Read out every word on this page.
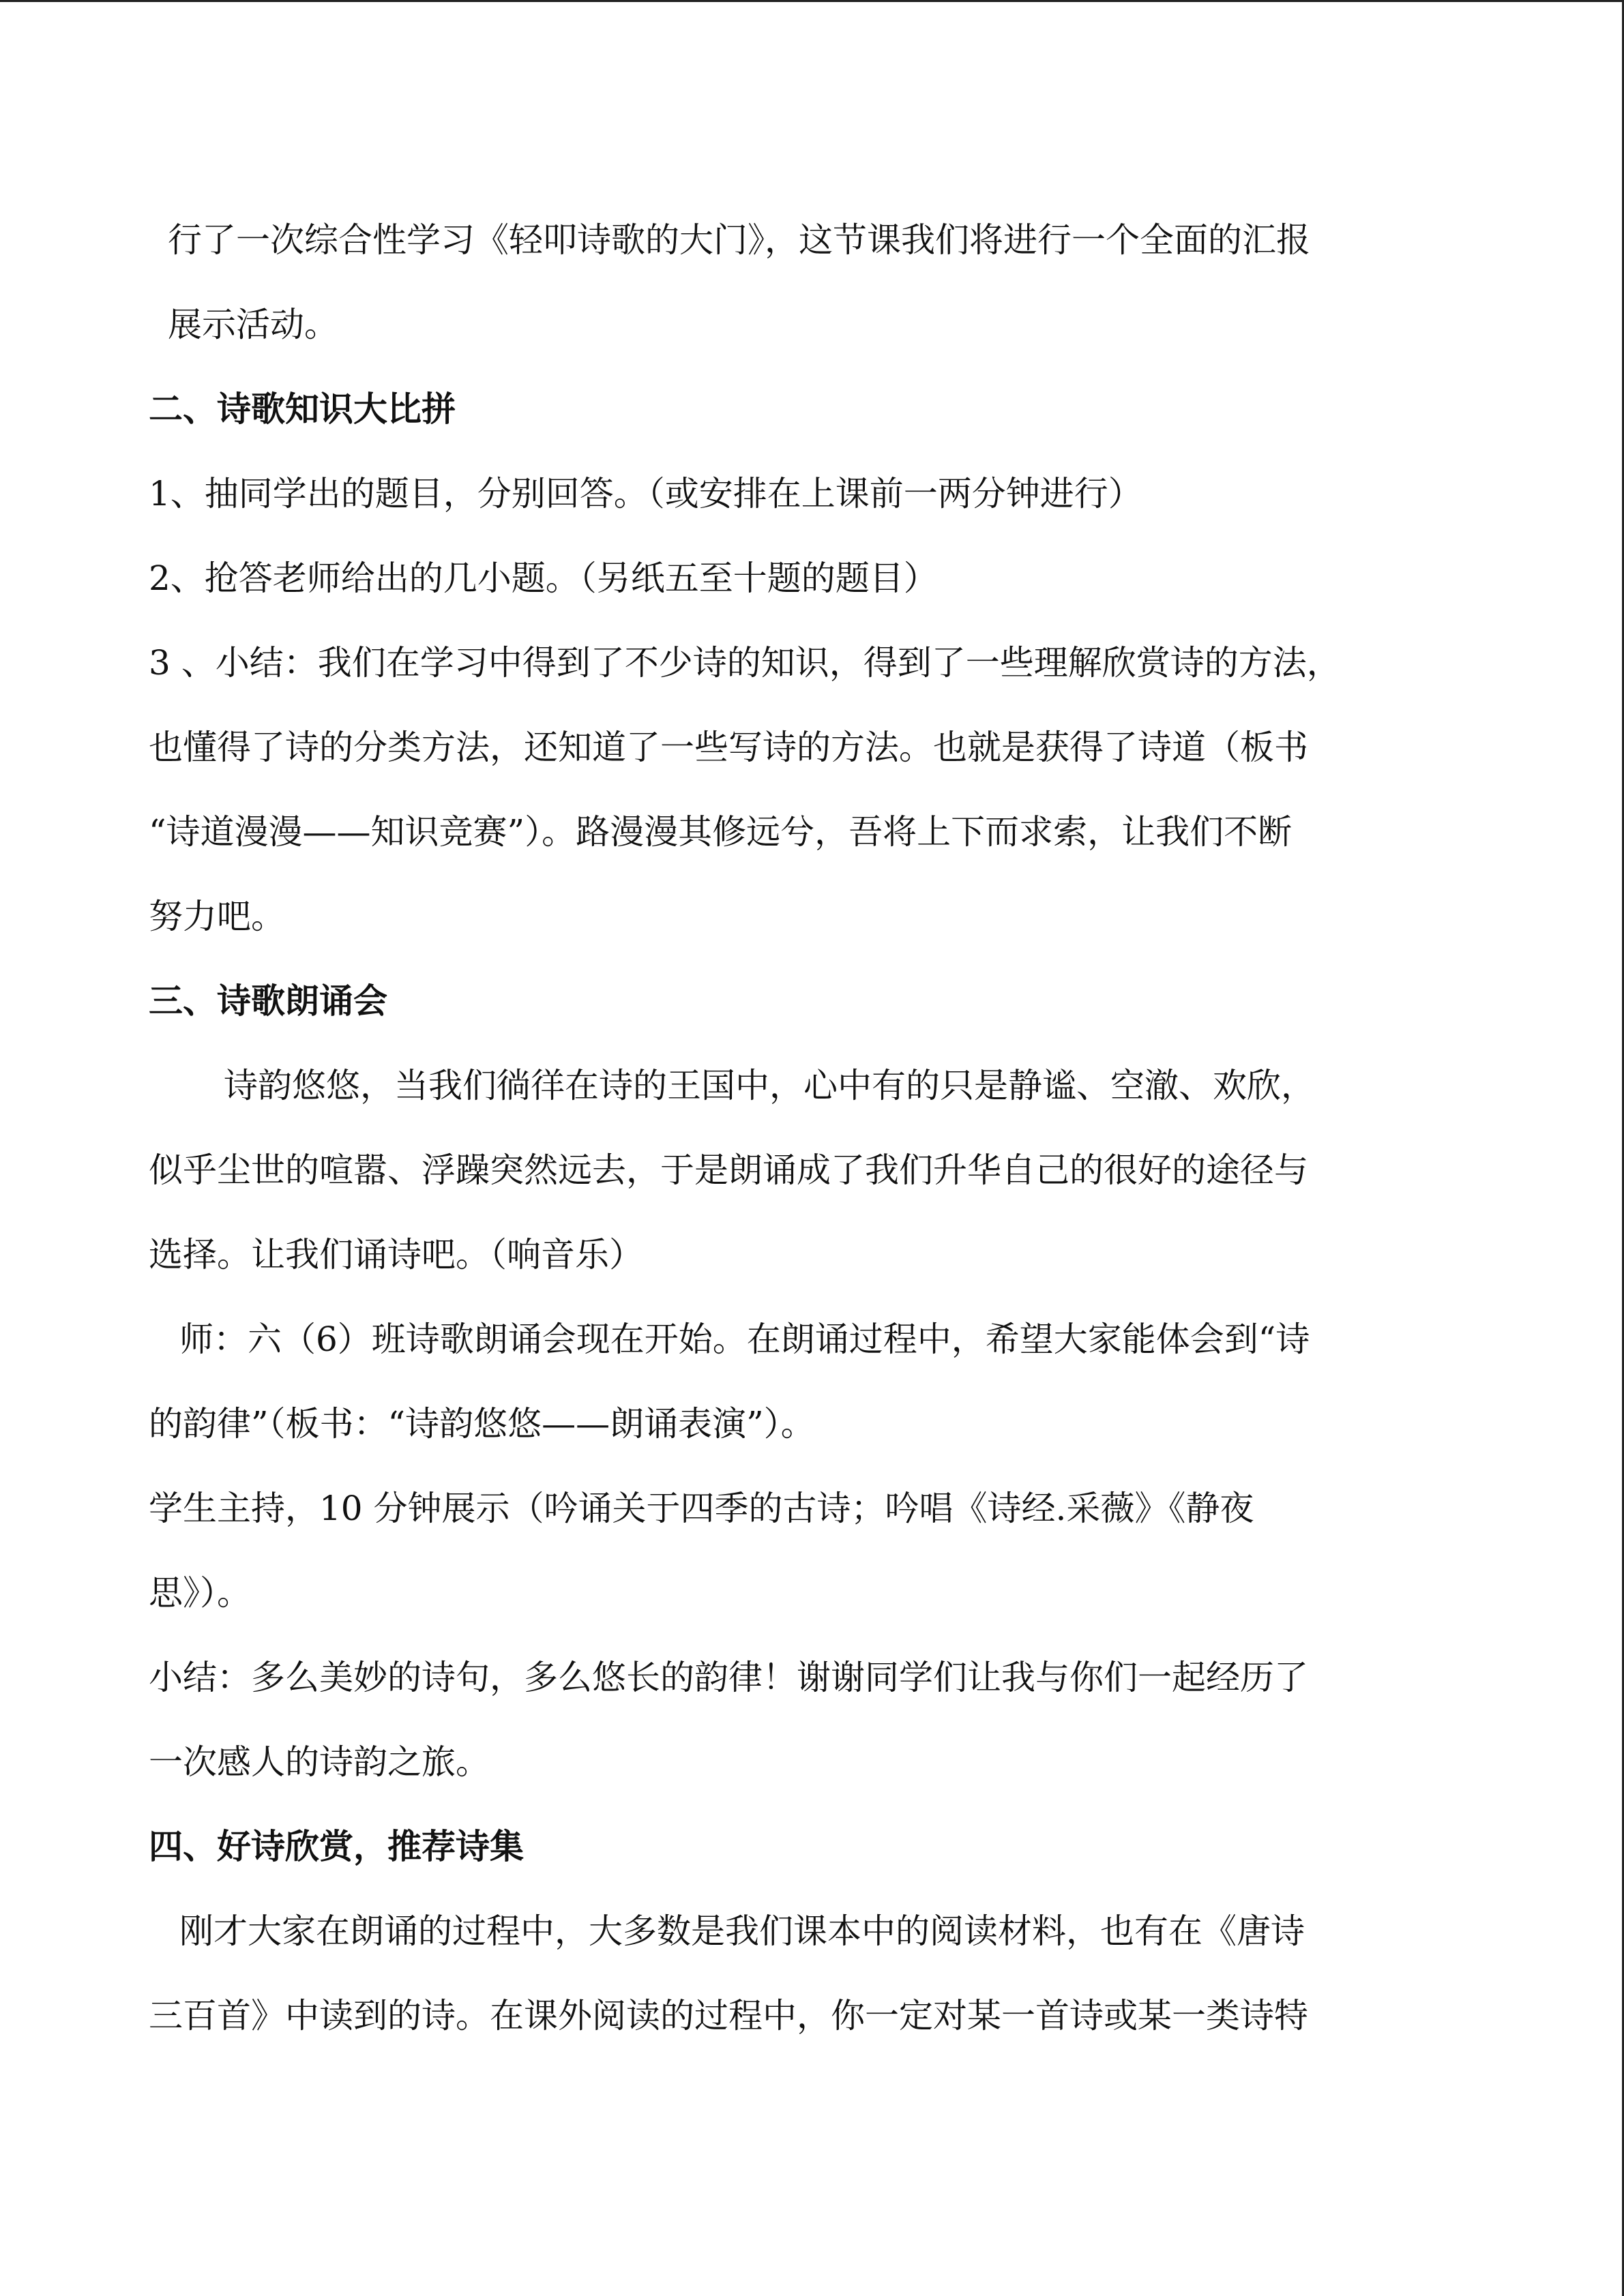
行了一次综合性学习《轻叩诗歌的大门》，这节课我们将进行一个全面的汇报
展示活动。
二、诗歌知识大比拼
1、抽同学出的题目，分别回答。（或安排在上课前一两分钟进行）
2、抢答老师给出的几小题。（另纸五至十题的题目）
3 、小结：我们在学习中得到了不少诗的知识，得到了一些理解欣赏诗的方法，
也懂得了诗的分类方法，还知道了一些写诗的方法。也就是获得了诗道（板书
“诗道漫漫——知识竞赛”）。路漫漫其修远兮，吾将上下而求索，让我们不断
努力吧。
三、诗歌朗诵会
诗韵悠悠，当我们徜徉在诗的王国中，心中有的只是静谧、空澈、欢欣，
似乎尘世的喧嚣、浮躁突然远去，于是朗诵成了我们升华自己的很好的途径与
选择。让我们诵诗吧。（响音乐）
师：六（6）班诗歌朗诵会现在开始。在朗诵过程中，希望大家能体会到“诗
的韵律”（板书：“诗韵悠悠——朗诵表演”）。
学生主持，10 分钟展示（吟诵关于四季的古诗；吟唱《诗经.采薇》《静夜
思》）。
小结：多么美妙的诗句，多么悠长的韵律！谢谢同学们让我与你们一起经历了
一次感人的诗韵之旅。
四、好诗欣赏，推荐诗集
刚才大家在朗诵的过程中，大多数是我们课本中的阅读材料，也有在《唐诗
三百首》中读到的诗。在课外阅读的过程中，你一定对某一首诗或某一类诗特
